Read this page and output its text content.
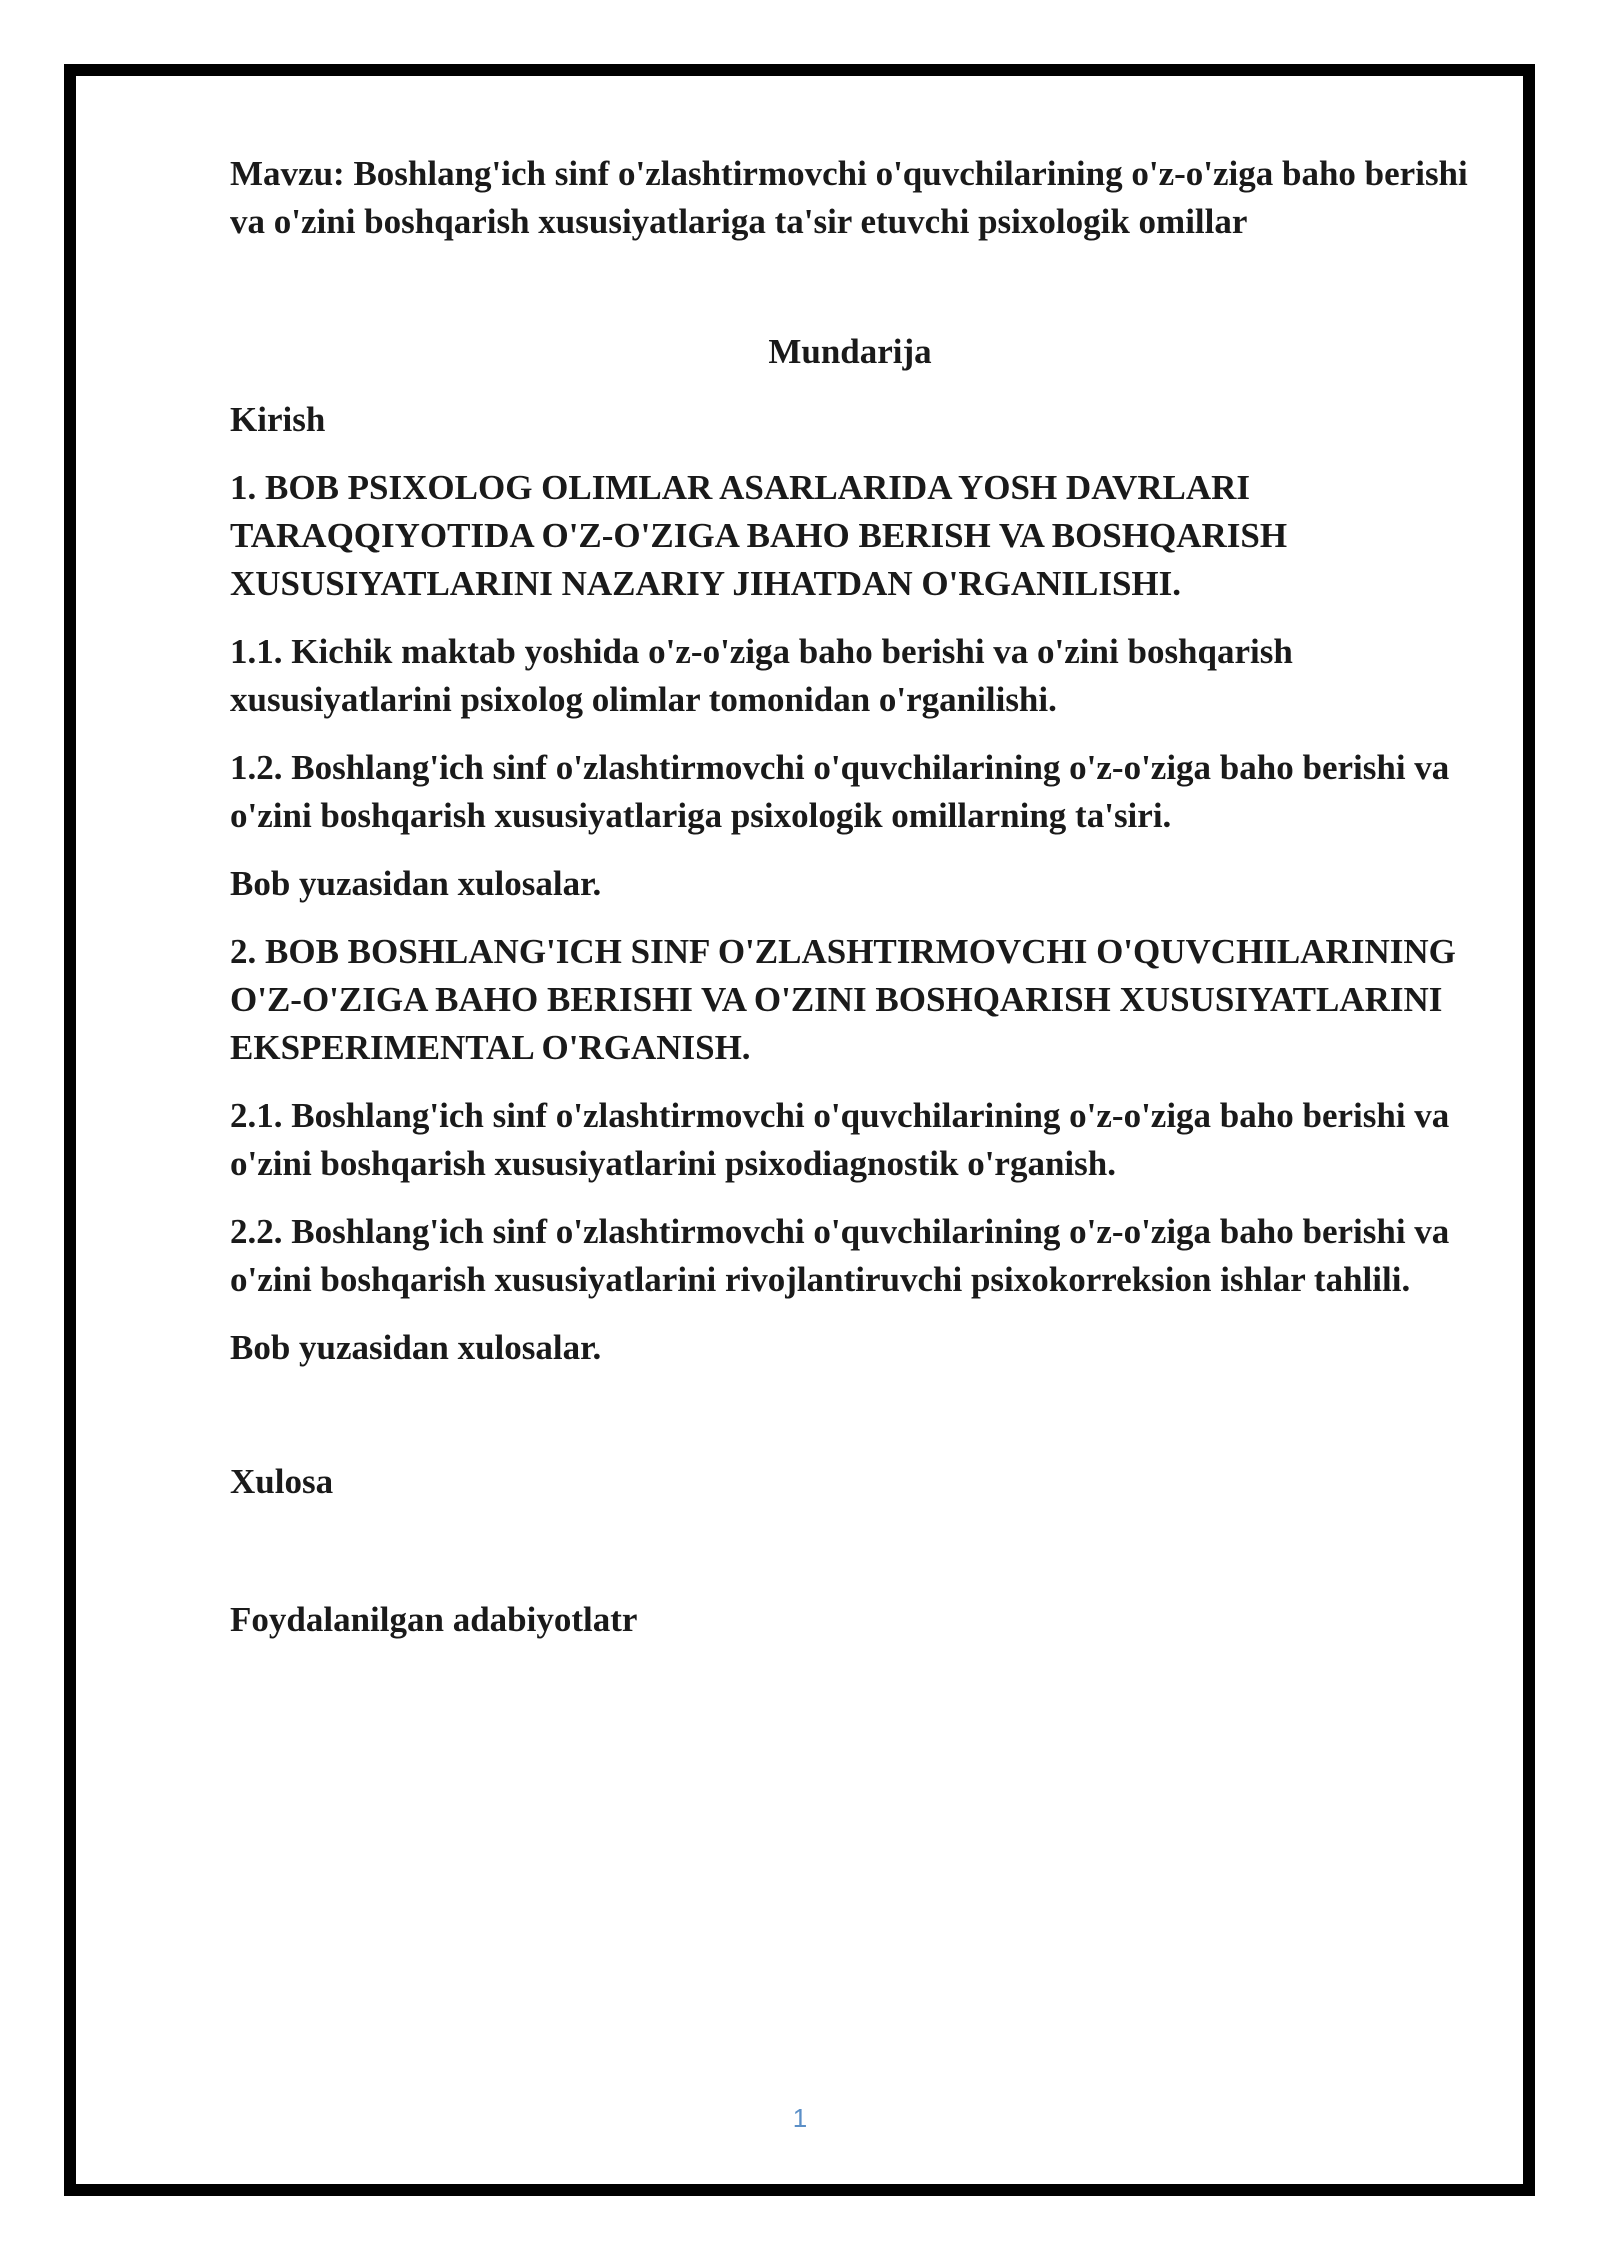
Mavzu: Boshlang'ich sinf o'zlashtirmovchi o'quvchilarining o'z-o'ziga baho berishi va o'zini boshqarish xususiyatlariga ta'sir etuvchi psixologik omillar

Mundarija
Kirish
1. BOB PSIXOLOG OLIMLAR ASARLARIDA YOSH DAVRLARI TARAQQIYOTIDA O'Z-O'ZIGA BAHO BERISH VA BOSHQARISH XUSUSIYATLARINI NAZARIY JIHATDAN O'RGANILISHI.
1.1. Kichik maktab yoshida o'z-o'ziga baho berishi va o'zini boshqarish xususiyatlarini psixolog olimlar tomonidan o'rganilishi.
1.2. Boshlang'ich sinf o'zlashtirmovchi o'quvchilarining o'z-o'ziga baho berishi va o'zini boshqarish xususiyatlariga psixologik omillarning ta'siri.
Bob yuzasidan xulosalar.
2. BOB BOSHLANG'ICH SINF O'ZLASHTIRMOVCHI O'QUVCHILARINING O'Z-O'ZIGA BAHO BERISHI VA O'ZINI BOSHQARISH XUSUSIYATLARINI EKSPERIMENTAL O'RGANISH.
2.1. Boshlang'ich sinf o'zlashtirmovchi o'quvchilarining o'z-o'ziga baho berishi va o'zini boshqarish xususiyatlarini psixodiagnostik o'rganish.
2.2. Boshlang'ich sinf o'zlashtirmovchi o'quvchilarining o'z-o'ziga baho berishi va o'zini boshqarish xususiyatlarini rivojlantiruvchi psixokorreksion ishlar tahlili.
Bob yuzasidan xulosalar.
Xulosa
Foydalanilgan adabiyotlatr
1
